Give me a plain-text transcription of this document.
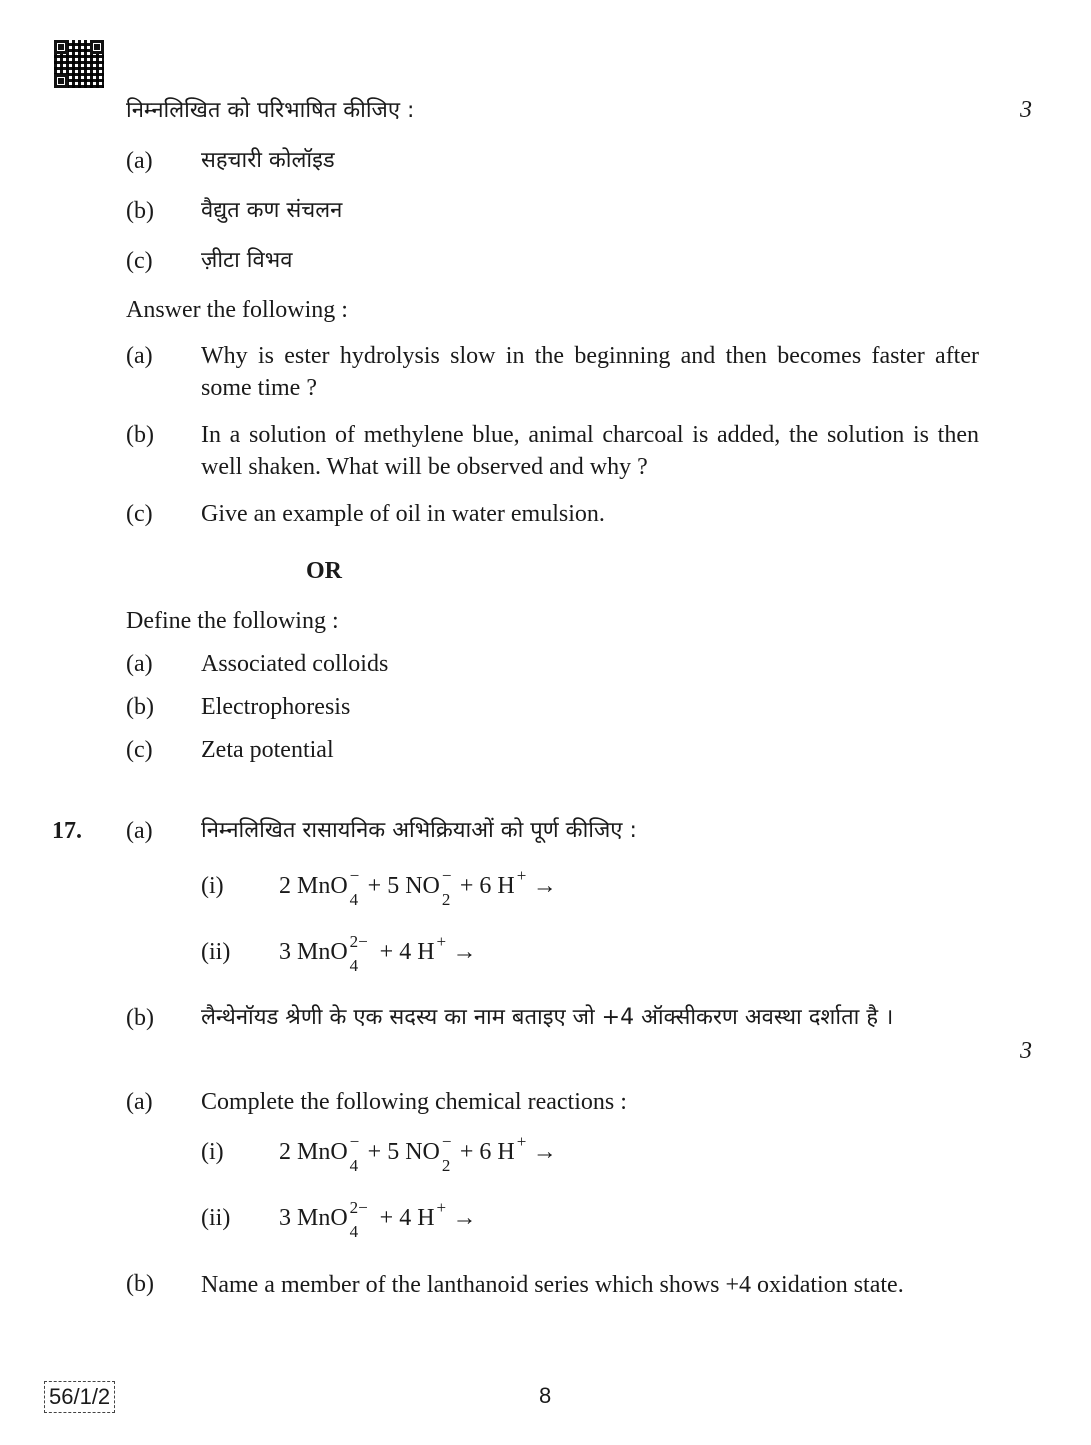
निम्नलिखित को परिभाषित कीजिए :	3
(a) सहचारी कोलॉइड
(b) वैद्युत कण संचलन
(c) ज़ीटा विभव
Answer the following :
(a) Why is ester hydrolysis slow in the beginning and then becomes faster after some time ?
(b) In a solution of methylene blue, animal charcoal is added, the solution is then well shaken. What will be observed and why ?
(c) Give an example of oil in water emulsion.
OR
Define the following :
(a) Associated colloids
(b) Electrophoresis
(c) Zeta potential
17. (a) निम्नलिखित रासायनिक अभिक्रियाओं को पूर्ण कीजिए :
(i) 2 MnO −
4
+ 5 NO −
2
+ 6 H + →
(ii) 3 MnO 2−
4
+ 4 H + →
(b) लैन्थेनॉयड श्रेणी के एक सदस्य का नाम बताइए जो +4 ऑक्सीकरण अवस्था दर्शाता है ।
3
(a) Complete the following chemical reactions :
(i) 2 MnO −
4
+ 5 NO −
2
+ 6 H + →
(ii) 3 MnO 2−
4
+ 4 H + →
(b) Name a member of the lanthanoid series which shows +4 oxidation state.
56/1/2	8
